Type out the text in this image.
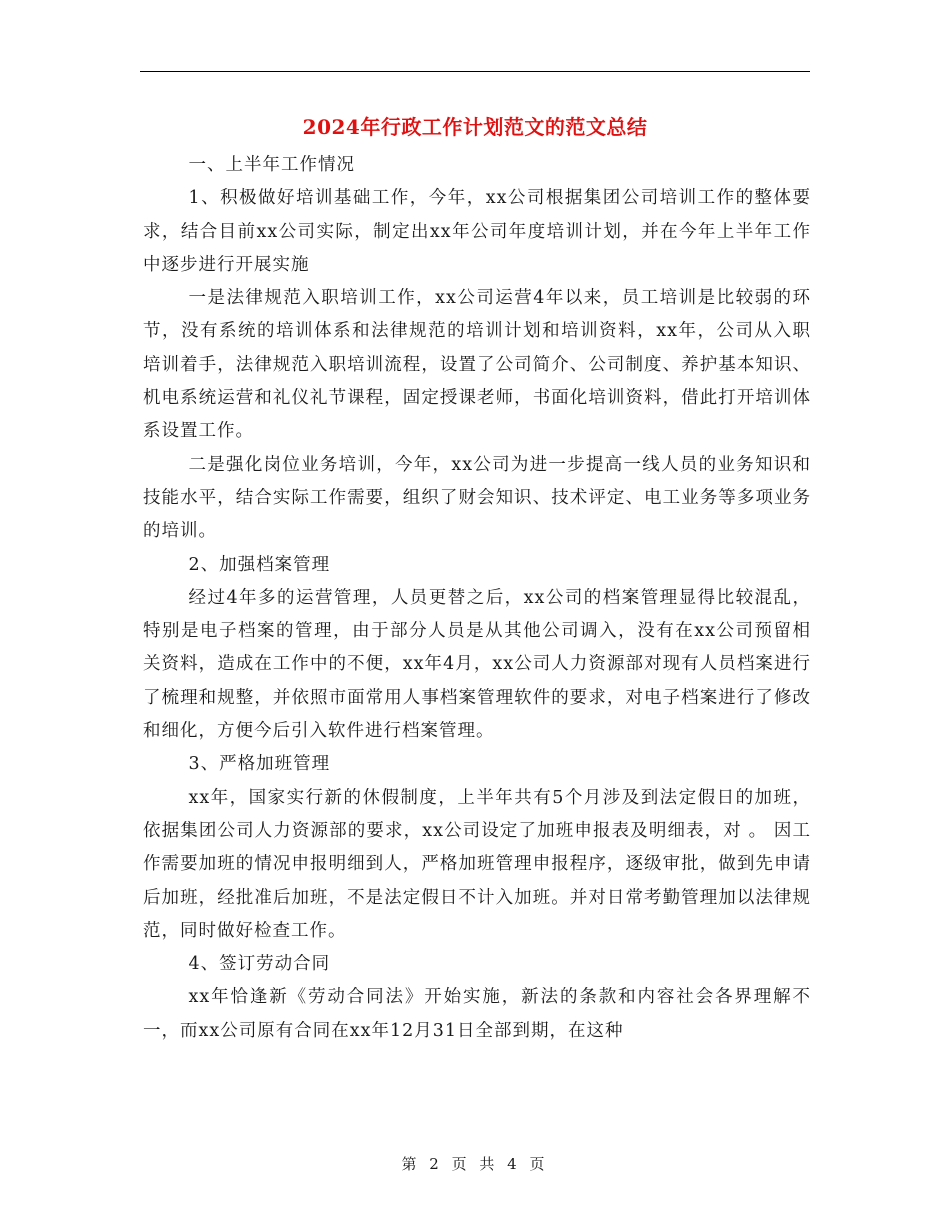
2024年行政工作计划范文的范文总结

一、上半年工作情况

1、积极做好培训基础工作，今年，xx公司根据集团公司培训工作的整体要求，结合目前xx公司实际，制定出xx年公司年度培训计划，并在今年上半年工作中逐步进行开展实施

一是法律规范入职培训工作，xx公司运营4年以来，员工培训是比较弱的环节，没有系统的培训体系和法律规范的培训计划和培训资料，xx年，公司从入职培训着手，法律规范入职培训流程，设置了公司简介、公司制度、养护基本知识、机电系统运营和礼仪礼节课程，固定授课老师，书面化培训资料，借此打开培训体系设置工作。

二是强化岗位业务培训，今年，xx公司为进一步提高一线人员的业务知识和技能水平，结合实际工作需要，组织了财会知识、技术评定、电工业务等多项业务的培训。

2、加强档案管理

经过4年多的运营管理，人员更替之后，xx公司的档案管理显得比较混乱，特别是电子档案的管理，由于部分人员是从其他公司调入，没有在xx公司预留相关资料，造成在工作中的不便，xx年4月，xx公司人力资源部对现有人员档案进行了梳理和规整，并依照市面常用人事档案管理软件的要求，对电子档案进行了修改和细化，方便今后引入软件进行档案管理。

3、严格加班管理

xx年，国家实行新的休假制度，上半年共有5个月涉及到法定假日的加班，依据集团公司人力资源部的要求，xx公司设定了加班申报表及明细表，对 。 因工作需要加班的情况申报明细到人，严格加班管理申报程序，逐级审批，做到先申请后加班，经批准后加班，不是法定假日不计入加班。并对日常考勤管理加以法律规范，同时做好检查工作。

4、签订劳动合同

xx年恰逢新《劳动合同法》开始实施，新法的条款和内容社会各界理解不一，而xx公司原有合同在xx年12月31日全部到期，在这种

第 2 页 共 4 页
